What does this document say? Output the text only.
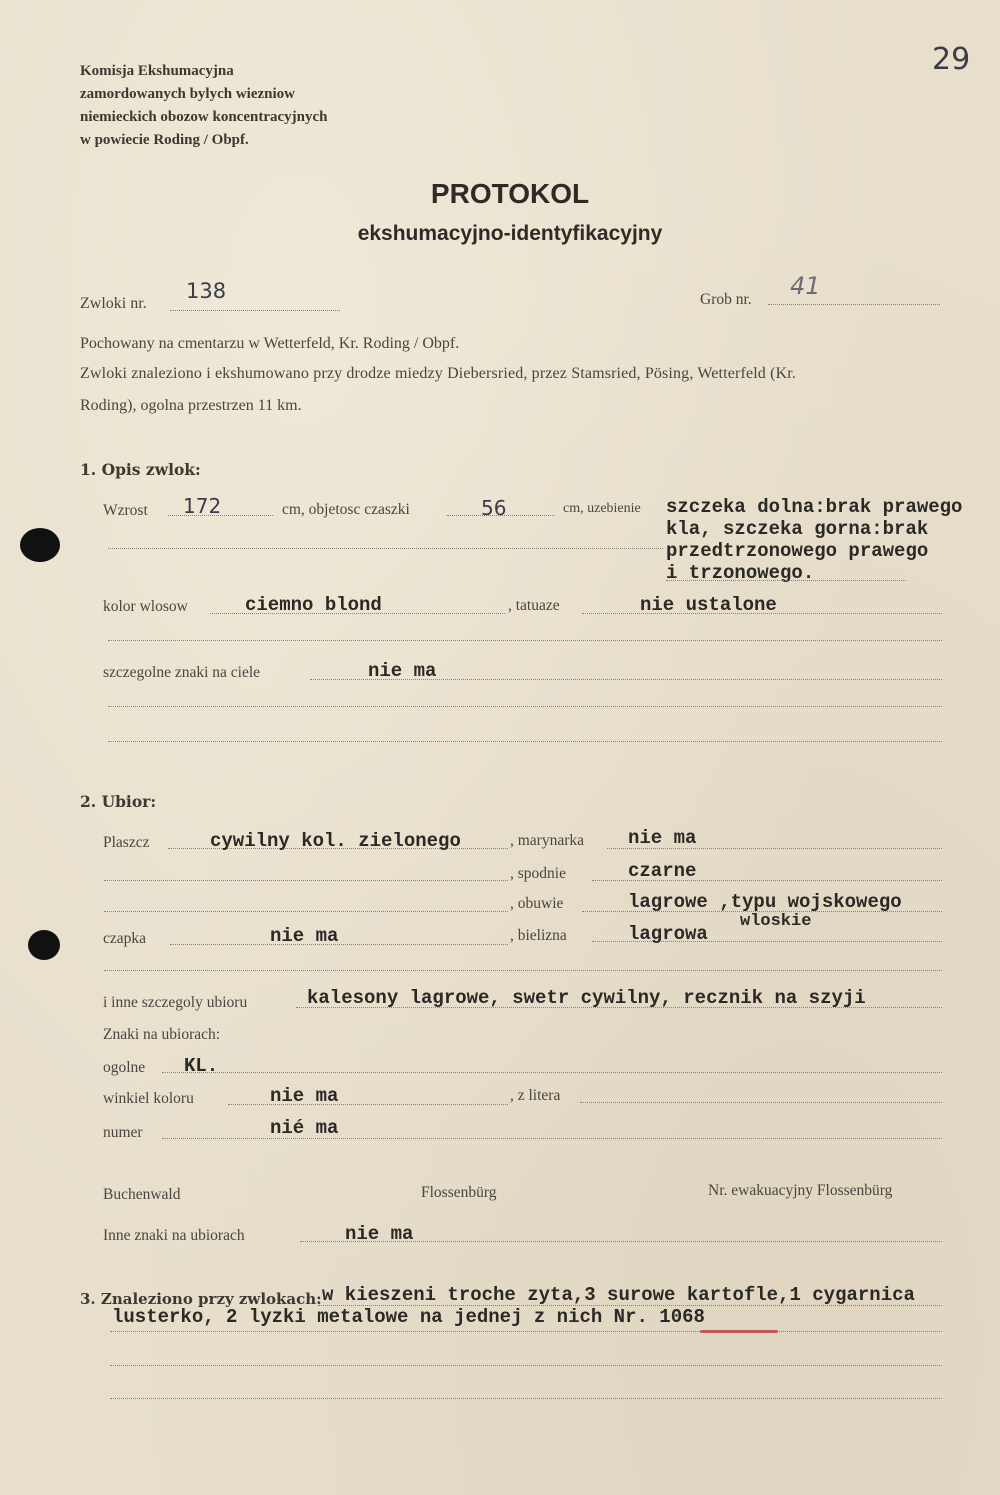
29
Komisja Ekshumacyjna
zamordowanych bylych wiezniow
niemieckich obozow koncentracyjnych
w powiecie Roding / Obpf.
PROTOKOL
ekshumacyjno-identyfikacyjny
Zwloki nr.
138	Grob nr. 41
Pochowany na cmentarzu w Wetterfeld, Kr. Roding / Obpf.
Zwloki znaleziono i ekshumowano przy drodze miedzy Diebersried, przez Stamsried, Pösing, Wetterfeld (Kr.
Roding), ogolna przestrzen 11 km.
1. Opis zwlok:
Wzrost 172	cm, objetosc czaszki	56	cm, uzebienie szczeka dolna:brak prawego
kla, szczeka gorna:brak
przedtrzonowego prawego
i trzonowego.
kolor wlosow	ciemno blond	, tatuaze	nie ustalone
szczegolne znaki na ciele	nie ma
2. Ubior:
Plaszcz	cywilny kol. zielonego	, marynarka nie ma
, spodnie	czarne
, obuwie	lagrowe ,typu wojskowego
wloskie
czapka	nie ma	, bielizna	lagrowa
i inne szczegoly ubioru	kalesony lagrowe, swetr cywilny, recznik na szyji
Znaki na ubiorach:
ogolne KL.
winkiel koloru	nie ma	, z litera
numer	nié ma
Buchenwald	Flossenbürg	Nr. ewakuacyjny Flossenbürg
Inne znaki na ubiorach	nie ma
3. Znaleziono przy zwlokach: w kieszeni troche zyta,3 surowe kartofle,1 cygarnica
lusterko, 2 lyzki metalowe na jednej z nich Nr. 1068
